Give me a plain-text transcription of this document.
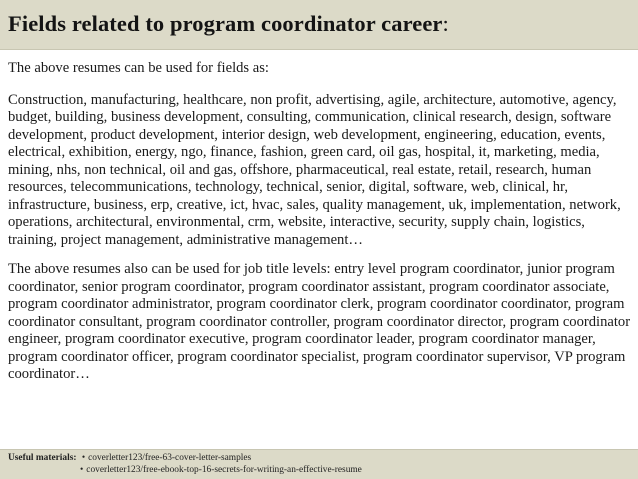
Fields related to program coordinator career:

The above resumes can be used for fields as:

Construction, manufacturing, healthcare, non profit, advertising, agile, architecture, automotive, agency, budget, building, business development, consulting, communication, clinical research, design, software development, product development, interior design, web development, engineering, education, events, electrical, exhibition, energy, ngo, finance, fashion, green card, oil gas, hospital, it, marketing, media, mining, nhs, non technical, oil and gas, offshore, pharmaceutical, real estate, retail, research, human resources, telecommunications, technology, technical, senior, digital, software, web, clinical, hr, infrastructure, business, erp, creative, ict, hvac, sales, quality management, uk, implementation, network, operations, architectural, environmental, crm, website, interactive, security, supply chain, logistics, training, project management, administrative management…

The above resumes also can be used for job title levels: entry level program coordinator, junior program coordinator, senior program coordinator, program coordinator assistant, program coordinator associate, program coordinator administrator, program coordinator clerk, program coordinator coordinator, program coordinator consultant, program coordinator controller, program coordinator director, program coordinator engineer, program coordinator executive, program coordinator leader, program coordinator manager, program coordinator officer, program coordinator specialist, program coordinator supervisor, VP program coordinator…

Useful materials: • coverletter123/free-63-cover-letter-samples
• coverletter123/free-ebook-top-16-secrets-for-writing-an-effective-resume
